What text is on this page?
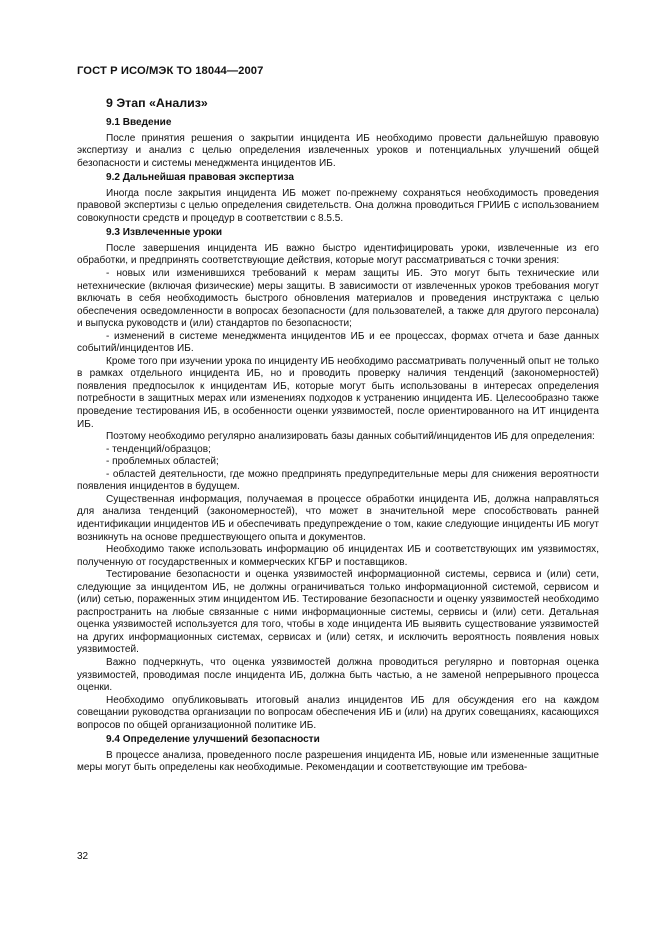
ГОСТ Р ИСО/МЭК ТО 18044—2007
9 Этап «Анализ»
9.1 Введение

После принятия решения о закрытии инцидента ИБ необходимо провести дальнейшую правовую экспертизу и анализ с целью определения извлеченных уроков и потенциальных улучшений общей безопасности и системы менеджмента инцидентов ИБ.

9.2 Дальнейшая правовая экспертиза

Иногда после закрытия инцидента ИБ может по-прежнему сохраняться необходимость проведения правовой экспертизы с целью определения свидетельств. Она должна проводиться ГРИИБ с использованием совокупности средств и процедур в соответствии с 8.5.5.

9.3 Извлеченные уроки

После завершения инцидента ИБ важно быстро идентифицировать уроки, извлеченные из его обработки, и предпринять соответствующие действия, которые могут рассматриваться с точки зрения:

- новых или изменившихся требований к мерам защиты ИБ. Это могут быть технические или нетехнические (включая физические) меры защиты. В зависимости от извлеченных уроков требования могут включать в себя необходимость быстрого обновления материалов и проведения инструктажа с целью обеспечения осведомленности в вопросах безопасности (для пользователей, а также для другого персонала) и выпуска руководств и (или) стандартов по безопасности;

- изменений в системе менеджмента инцидентов ИБ и ее процессах, формах отчета и базе данных событий/инцидентов ИБ.

Кроме того при изучении урока по инциденту ИБ необходимо рассматривать полученный опыт не только в рамках отдельного инцидента ИБ, но и проводить проверку наличия тенденций (закономерностей) появления предпосылок к инцидентам ИБ, которые могут быть использованы в интересах определения потребности в защитных мерах или изменениях подходов к устранению инцидента ИБ. Целесообразно также проведение тестирования ИБ, в особенности оценки уязвимостей, после ориентированного на ИТ инцидента ИБ.

Поэтому необходимо регулярно анализировать базы данных событий/инцидентов ИБ для определения:

- тенденций/образцов;

- проблемных областей;

- областей деятельности, где можно предпринять предупредительные меры для снижения вероятности появления инцидентов в будущем.

Существенная информация, получаемая в процессе обработки инцидента ИБ, должна направляться для анализа тенденций (закономерностей), что может в значительной мере способствовать ранней идентификации инцидентов ИБ и обеспечивать предупреждение о том, какие следующие инциденты ИБ могут возникнуть на основе предшествующего опыта и документов.

Необходимо также использовать информацию об инцидентах ИБ и соответствующих им уязвимостях, полученную от государственных и коммерческих КГБР и поставщиков.

Тестирование безопасности и оценка уязвимостей информационной системы, сервиса и (или) сети, следующие за инцидентом ИБ, не должны ограничиваться только информационной системой, сервисом и (или) сетью, пораженных этим инцидентом ИБ. Тестирование безопасности и оценку уязвимостей необходимо распространить на любые связанные с ними информационные системы, сервисы и (или) сети. Детальная оценка уязвимостей используется для того, чтобы в ходе инцидента ИБ выявить существование уязвимостей на других информационных системах, сервисах и (или) сетях, и исключить вероятность появления новых уязвимостей.

Важно подчеркнуть, что оценка уязвимостей должна проводиться регулярно и повторная оценка уязвимостей, проводимая после инцидента ИБ, должна быть частью, а не заменой непрерывного процесса оценки.

Необходимо опубликовывать итоговый анализ инцидентов ИБ для обсуждения его на каждом совещании руководства организации по вопросам обеспечения ИБ и (или) на других совещаниях, касающихся вопросов по общей организационной политике ИБ.

9.4 Определение улучшений безопасности

В процессе анализа, проведенного после разрешения инцидента ИБ, новые или измененные защитные меры могут быть определены как необходимые. Рекомендации и соответствующие им требова-

32
